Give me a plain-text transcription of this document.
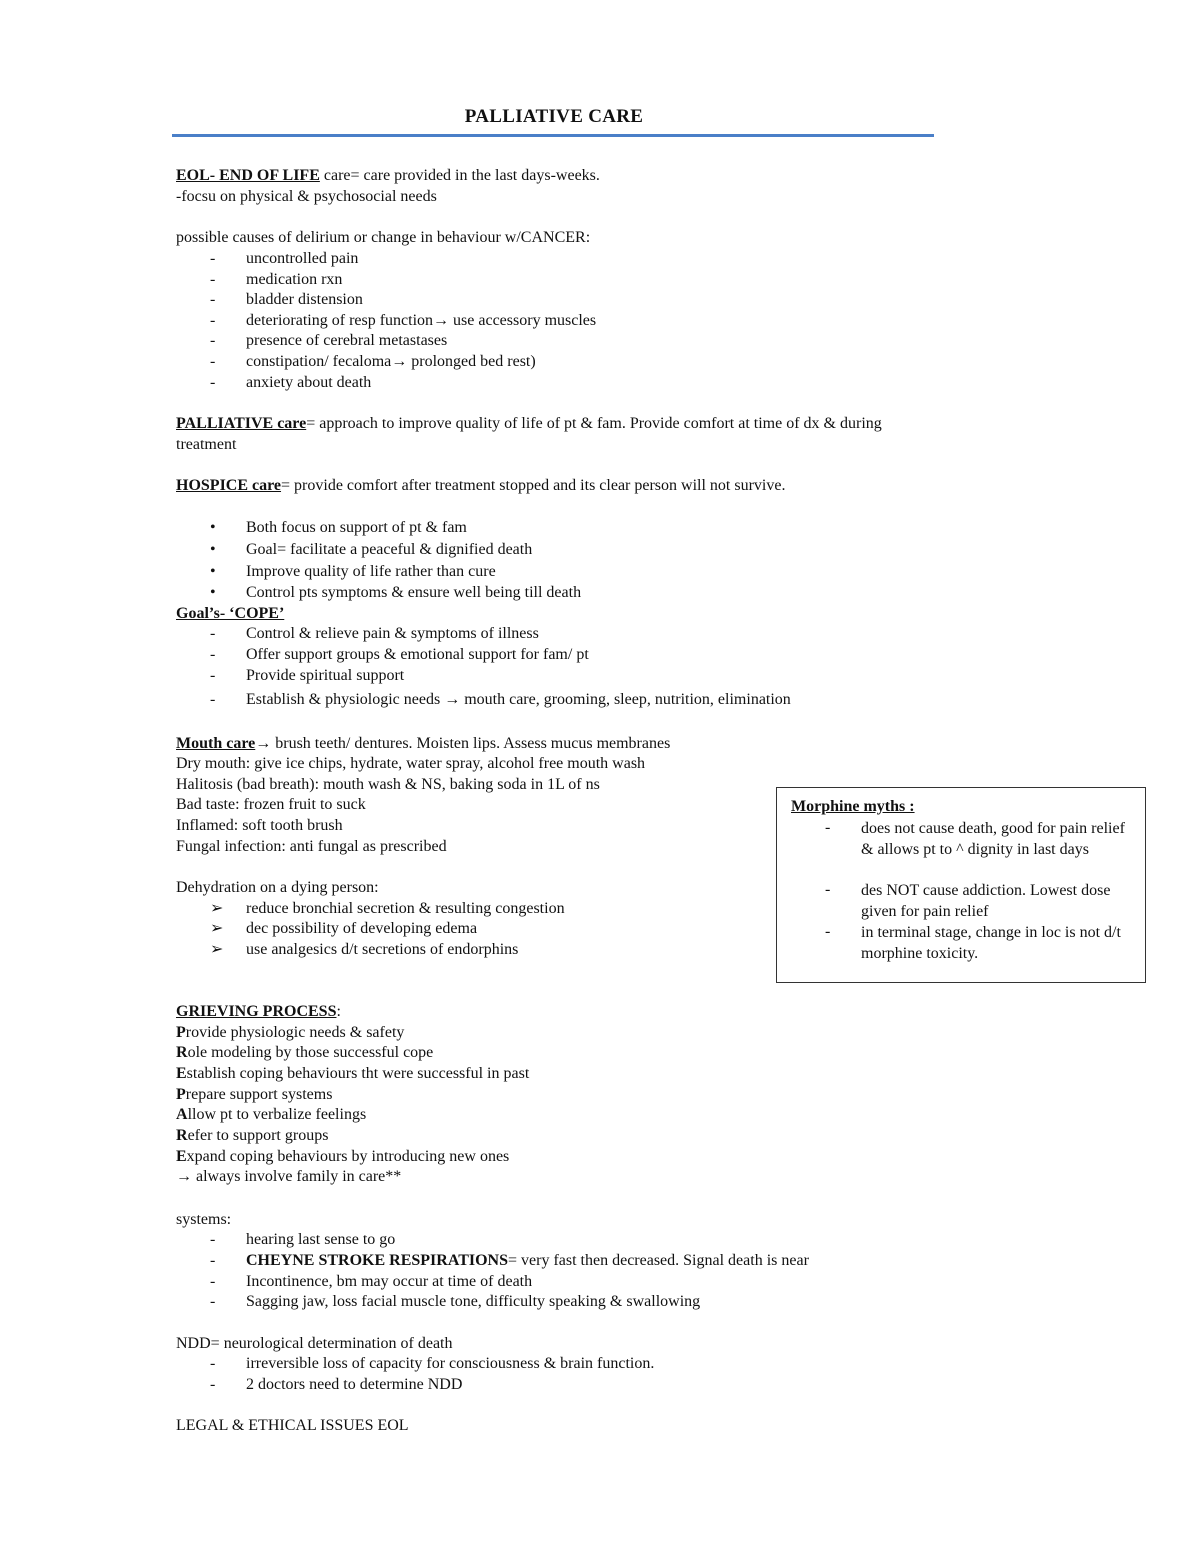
PALLIATIVE CARE
EOL- END OF LIFE care= care provided in the last days-weeks.
-focsu on physical & psychosocial needs
possible causes of delirium or change in behaviour w/CANCER:
- uncontrolled pain
- medication rxn
- bladder distension
- deteriorating of resp function→ use accessory muscles
- presence of cerebral metastases
- constipation/ fecaloma→ prolonged bed rest)
- anxiety about death
PALLIATIVE care= approach to improve quality of life of pt & fam. Provide comfort at time of dx & during
treatment
HOSPICE care= provide comfort after treatment stopped and its clear person will not survive.
• Both focus on support of pt & fam
• Goal= facilitate a peaceful & dignified death
• Improve quality of life rather than cure
• Control pts symptoms & ensure well being till death
Goal’s- ‘COPE’
- Control & relieve pain & symptoms of illness
- Offer support groups & emotional support for fam/ pt
- Provide spiritual support
- Establish & physiologic needs → mouth care, grooming, sleep, nutrition, elimination
Mouth care→ brush teeth/ dentures. Moisten lips. Assess mucus membranes
Dry mouth: give ice chips, hydrate, water spray, alcohol free mouth wash
Halitosis (bad breath): mouth wash & NS, baking soda in 1L of ns
Bad taste: frozen fruit to suck
Inflamed: soft tooth brush
Fungal infection: anti fungal as prescribed
Dehydration on a dying person:
➢ reduce bronchial secretion & resulting congestion
➢ dec possibility of developing edema
➢ use analgesics d/t secretions of endorphins
Morphine myths :
- does not cause death, good for pain relief & allows pt to ^ dignity in last days
- des NOT cause addiction. Lowest dose given for pain relief
- in terminal stage, change in loc is not d/t morphine toxicity.
GRIEVING PROCESS:
Provide physiologic needs & safety
Role modeling by those successful cope
Establish coping behaviours tht were successful in past
Prepare support systems
Allow pt to verbalize feelings
Refer to support groups
Expand coping behaviours by introducing new ones
→ always involve family in care**
systems:
- hearing last sense to go
- CHEYNE STROKE RESPIRATIONS= very fast then decreased. Signal death is near
- Incontinence, bm may occur at time of death
- Sagging jaw, loss facial muscle tone, difficulty speaking & swallowing
NDD= neurological determination of death
- irreversible loss of capacity for consciousness & brain function.
- 2 doctors need to determine NDD
LEGAL & ETHICAL ISSUES EOL
